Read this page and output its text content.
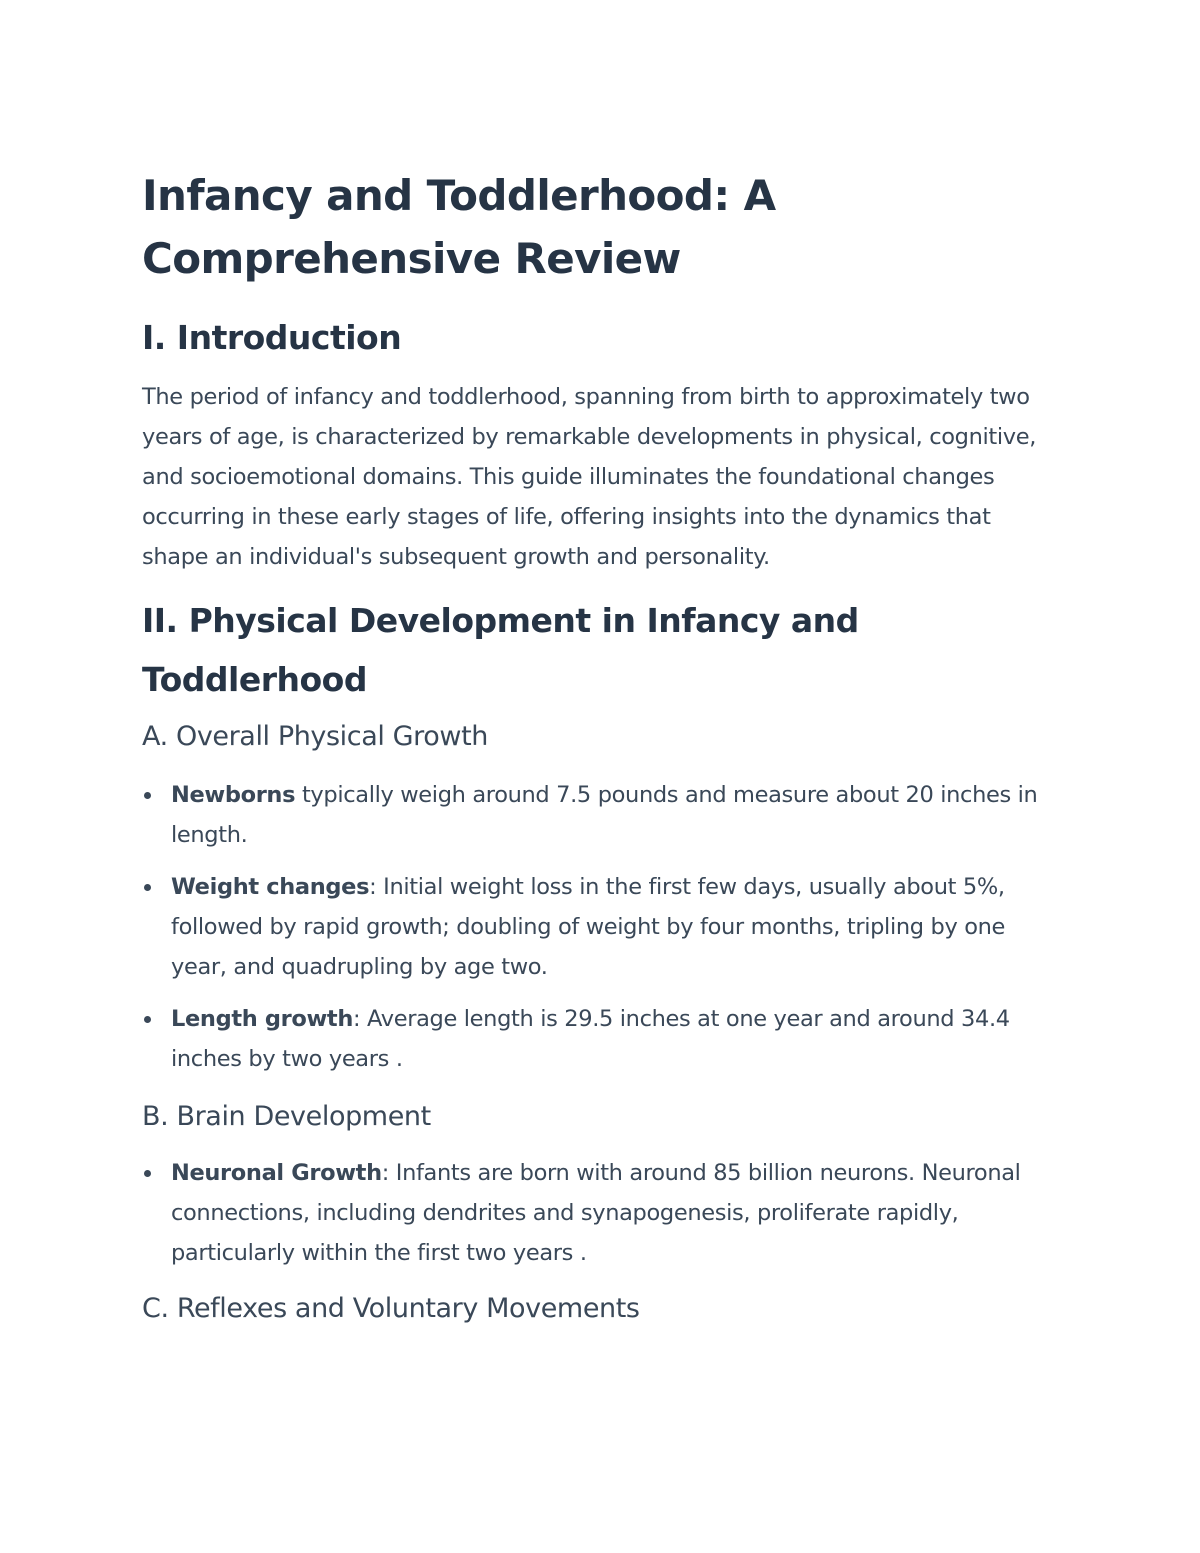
Infancy and Toddlerhood: A Comprehensive Review
I. Introduction

The period of infancy and toddlerhood, spanning from birth to approximately two years of age, is characterized by remarkable developments in physical, cognitive, and socioemotional domains. This guide illuminates the foundational changes occurring in these early stages of life, offering insights into the dynamics that shape an individual's subsequent growth and personality.

II. Physical Development in Infancy and Toddlerhood
A. Overall Physical Growth
Newborns typically weigh around 7.5 pounds and measure about 20 inches in length.
Weight changes: Initial weight loss in the first few days, usually about 5%, followed by rapid growth; doubling of weight by four months, tripling by one year, and quadrupling by age two.
Length growth: Average length is 29.5 inches at one year and around 34.4 inches by two years .
B. Brain Development
Neuronal Growth: Infants are born with around 85 billion neurons. Neuronal connections, including dendrites and synapogenesis, proliferate rapidly, particularly within the first two years .
C. Reflexes and Voluntary Movements
